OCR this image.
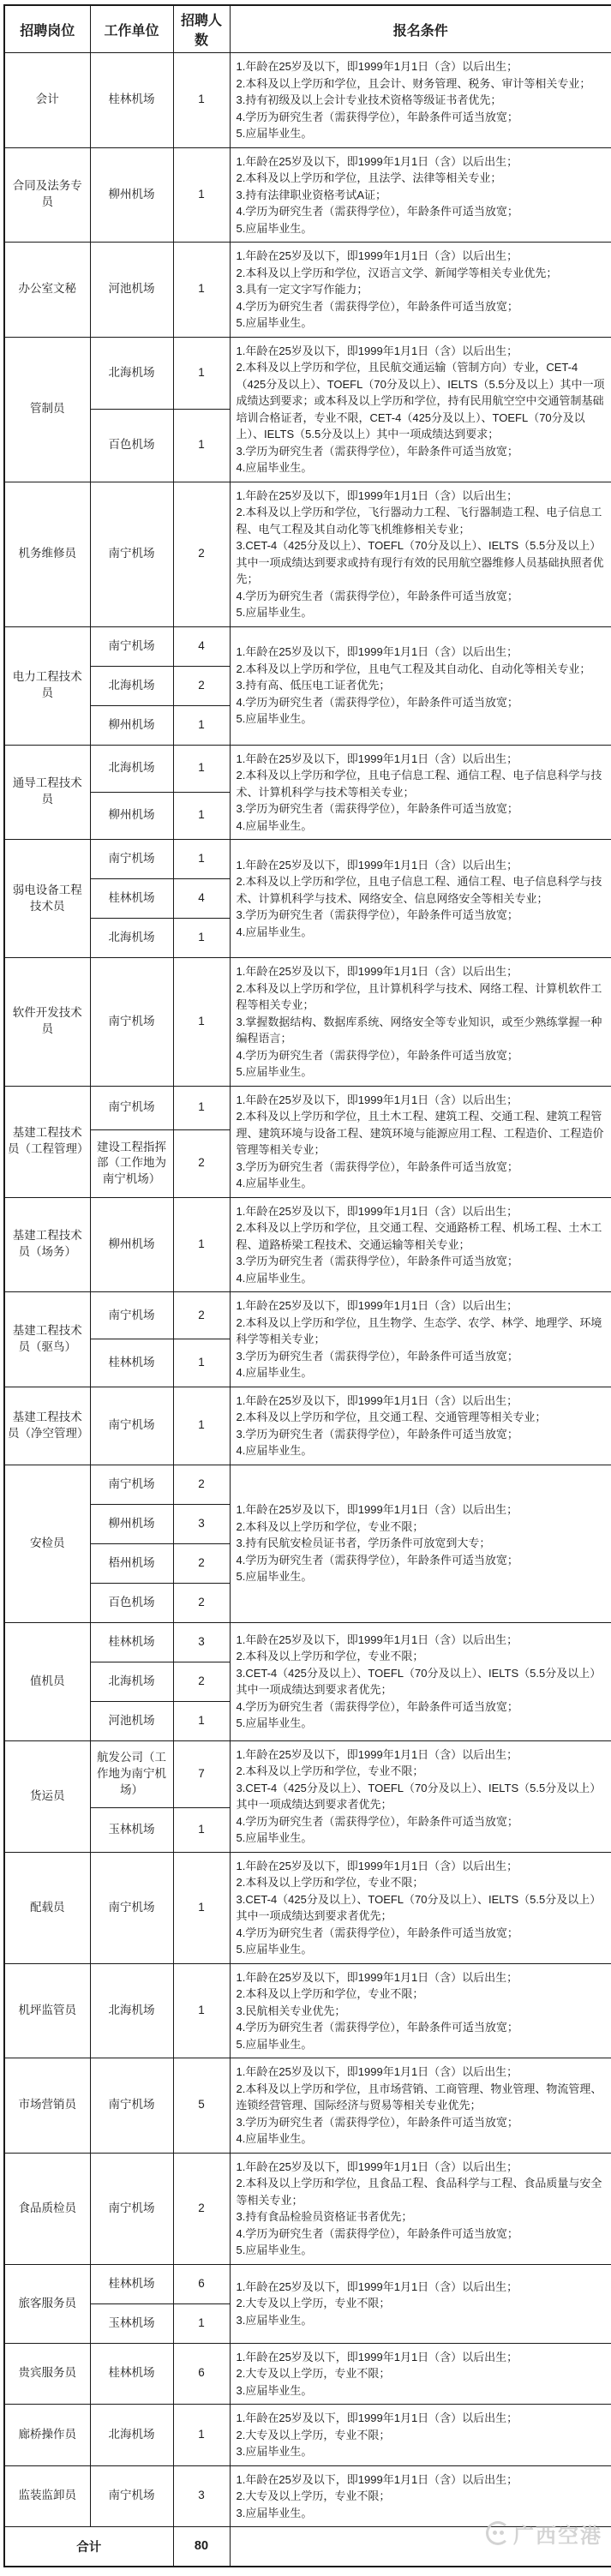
招聘岗位	工作单位	招聘人数	报名条件
会计	桂林机场	1	1.年龄在25岁及以下，即1999年1月1日（含）以后出生；
2.本科及以上学历和学位，且会计、财务管理、税务、审计等相关专业；
3.持有初级及以上会计专业技术资格等级证书者优先；
4.学历为研究生者（需获得学位），年龄条件可适当放宽；
5.应届毕业生。

合同及法务专员	柳州机场	1	1.年龄在25岁及以下，即1999年1月1日（含）以后出生；
2.本科及以上学历和学位，且法学、法律等相关专业；
3.持有法律职业资格考试A证；
4.学历为研究生者（需获得学位），年龄条件可适当放宽；
5.应届毕业生。

办公室文秘	河池机场	1	1.年龄在25岁及以下，即1999年1月1日（含）以后出生；
2.本科及以上学历和学位，汉语言文学、新闻学等相关专业优先；
3.具有一定文字写作能力；
4.学历为研究生者（需获得学位），年龄条件可适当放宽；
5.应届毕业生。

管制员	北海机场	1	1.年龄在25岁及以下，即1999年1月1日（含）以后出生；
2.本科及以上学历和学位，且民航交通运输（管制方向）专业，CET-4（425分及以上）、TOEFL（70分及以上）、IELTS（5.5分及以上）其中一项成绩达到要求；或本科及以上学历和学位，持有民用航空空中交通管制基础培训合格证者，专业不限，CET-4（425分及以上）、TOEFL（70分及以上）、IELTS（5.5分及以上）其中一项成绩达到要求；
3.学历为研究生者（需获得学位），年龄条件可适当放宽；
4.应届毕业生。

	百色机场	1	
机务维修员	南宁机场	2	1.年龄在25岁及以下，即1999年1月1日（含）以后出生；
2.本科及以上学历和学位，飞行器动力工程、飞行器制造工程、电子信息工程、电气工程及其自动化等飞机维修相关专业；
3.CET-4（425分及以上）、TOEFL（70分及以上）、IELTS（5.5分及以上）其中一项成绩达到要求或持有现行有效的民用航空器维修人员基础执照者优先；
4.学历为研究生者（需获得学位），年龄条件可适当放宽；
5.应届毕业生。

电力工程技术员	南宁机场	4	1.年龄在25岁及以下，即1999年1月1日（含）以后出生；
2.本科及以上学历和学位，且电气工程及其自动化、自动化等相关专业；
3.持有高、低压电工证者优先；
4.学历为研究生者（需获得学位），年龄条件可适当放宽；
5.应届毕业生。

	北海机场	2	
	柳州机场	1	
通导工程技术员	北海机场	1	1.年龄在25岁及以下，即1999年1月1日（含）以后出生；
2.本科及以上学历和学位，且电子信息工程、通信工程、电子信息科学与技术、计算机科学与技术等相关专业；
3.学历为研究生者（需获得学位），年龄条件可适当放宽；
4.应届毕业生。

	柳州机场	1	
弱电设备工程技术员	南宁机场	1	1.年龄在25岁及以下，即1999年1月1日（含）以后出生；
2.本科及以上学历和学位，且电子信息工程、通信工程、电子信息科学与技术、计算机科学与技术、网络安全、信息网络安全等相关专业；
3.学历为研究生者（需获得学位），年龄条件可适当放宽；
4.应届毕业生。

	桂林机场	4	
	北海机场	1	
软件开发技术员	南宁机场	1	1.年龄在25岁及以下，即1999年1月1日（含）以后出生；
2.本科及以上学历和学位，且计算机科学与技术、网络工程、计算机软件工程等相关专业；
3.掌握数据结构、数据库系统、网络安全等专业知识，或至少熟练掌握一种编程语言；
4.学历为研究生者（需获得学位），年龄条件可适当放宽；
5.应届毕业生。

基建工程技术员（工程管理）	南宁机场	1	1.年龄在25岁及以下，即1999年1月1日（含）以后出生；
2.本科及以上学历和学位，且土木工程、建筑工程、交通工程、建筑工程管理、建筑环境与设备工程、建筑环境与能源应用工程、工程造价、工程造价管理等相关专业；
3.学历为研究生者（需获得学位），年龄条件可适当放宽；
4.应届毕业生。

	建设工程指挥部（工作地为南宁机场）	2	
基建工程技术员（场务）	柳州机场	1	1.年龄在25岁及以下，即1999年1月1日（含）以后出生；
2.本科及以上学历和学位，且交通工程、交通路桥工程、机场工程、土木工程、道路桥梁工程技术、交通运输等相关专业；
3.学历为研究生者（需获得学位），年龄条件可适当放宽；
4.应届毕业生。

基建工程技术员（驱鸟）	南宁机场	2	1.年龄在25岁及以下，即1999年1月1日（含）以后出生；
2.本科及以上学历和学位，且生物学、生态学、农学、林学、地理学、环境科学等相关专业；
3.学历为研究生者（需获得学位），年龄条件可适当放宽；
4.应届毕业生。

	桂林机场	1	
基建工程技术员（净空管理）	南宁机场	1	1.年龄在25岁及以下，即1999年1月1日（含）以后出生；
2.本科及以上学历和学位，且交通工程、交通管理等相关专业；
3.学历为研究生者（需获得学位），年龄条件可适当放宽；
4.应届毕业生。

安检员	南宁机场	2	1.年龄在25岁及以下，即1999年1月1日（含）以后出生；
2.本科及以上学历和学位，专业不限；
3.持有民航安检员证书者，学历条件可放宽到大专；
4.学历为研究生者（需获得学位），年龄条件可适当放宽；
5.应届毕业生。

	柳州机场	3	
	梧州机场	2	
	百色机场	2	
值机员	桂林机场	3	1.年龄在25岁及以下，即1999年1月1日（含）以后出生；
2.本科及以上学历和学位，专业不限；
3.CET-4（425分及以上）、TOEFL（70分及以上）、IELTS（5.5分及以上）其中一项成绩达到要求者优先；
4.学历为研究生者（需获得学位），年龄条件可适当放宽；
5.应届毕业生。

	北海机场	2	
	河池机场	1	
货运员	航发公司（工作地为南宁机场）	7	1.年龄在25岁及以下，即1999年1月1日（含）以后出生；
2.本科及以上学历和学位，专业不限；
3.CET-4（425分及以上）、TOEFL（70分及以上）、IELTS（5.5分及以上）其中一项成绩达到要求者优先；
4.学历为研究生者（需获得学位），年龄条件可适当放宽；
5.应届毕业生。

	玉林机场	1	
配载员	南宁机场	1	1.年龄在25岁及以下，即1999年1月1日（含）以后出生；
2.本科及以上学历和学位，专业不限；
3.CET-4（425分及以上）、TOEFL（70分及以上）、IELTS（5.5分及以上）其中一项成绩达到要求者优先；
4.学历为研究生者（需获得学位），年龄条件可适当放宽；
5.应届毕业生。

机坪监管员	北海机场	1	1.年龄在25岁及以下，即1999年1月1日（含）以后出生；
2.本科及以上学历和学位，专业不限；
3.民航相关专业优先；
4.学历为研究生者（需获得学位），年龄条件可适当放宽；
5.应届毕业生。

市场营销员	南宁机场	5	1.年龄在25岁及以下，即1999年1月1日（含）以后出生；
2.本科及以上学历和学位，且市场营销、工商管理、物业管理、物流管理、连锁经营管理、国际经济与贸易等相关专业优先；
3.学历为研究生者（需获得学位），年龄条件可适当放宽；
4.应届毕业生。

食品质检员	南宁机场	2	1.年龄在25岁及以下，即1999年1月1日（含）以后出生；
2.本科及以上学历和学位，且食品工程、食品科学与工程、食品质量与安全等相关专业；
3.持有食品检验员资格证书者优先；
4.学历为研究生者（需获得学位），年龄条件可适当放宽；
5.应届毕业生。

旅客服务员	桂林机场	6	1.年龄在25岁及以下，即1999年1月1日（含）以后出生；
2.大专及以上学历，专业不限；
3.应届毕业生。

	玉林机场	1	
贵宾服务员	桂林机场	6	1.年龄在25岁及以下，即1999年1月1日（含）以后出生；
2.大专及以上学历，专业不限；
3.应届毕业生。

廊桥操作员	北海机场	1	1.年龄在25岁及以下，即1999年1月1日（含）以后出生；
2.大专及以上学历，专业不限；
3.应届毕业生。

监装监卸员	南宁机场	3	1.年龄在25岁及以下，即1999年1月1日（含）以后出生；
2.大专及以上学历，专业不限；
3.应届毕业生。

合计		80		广西空港
